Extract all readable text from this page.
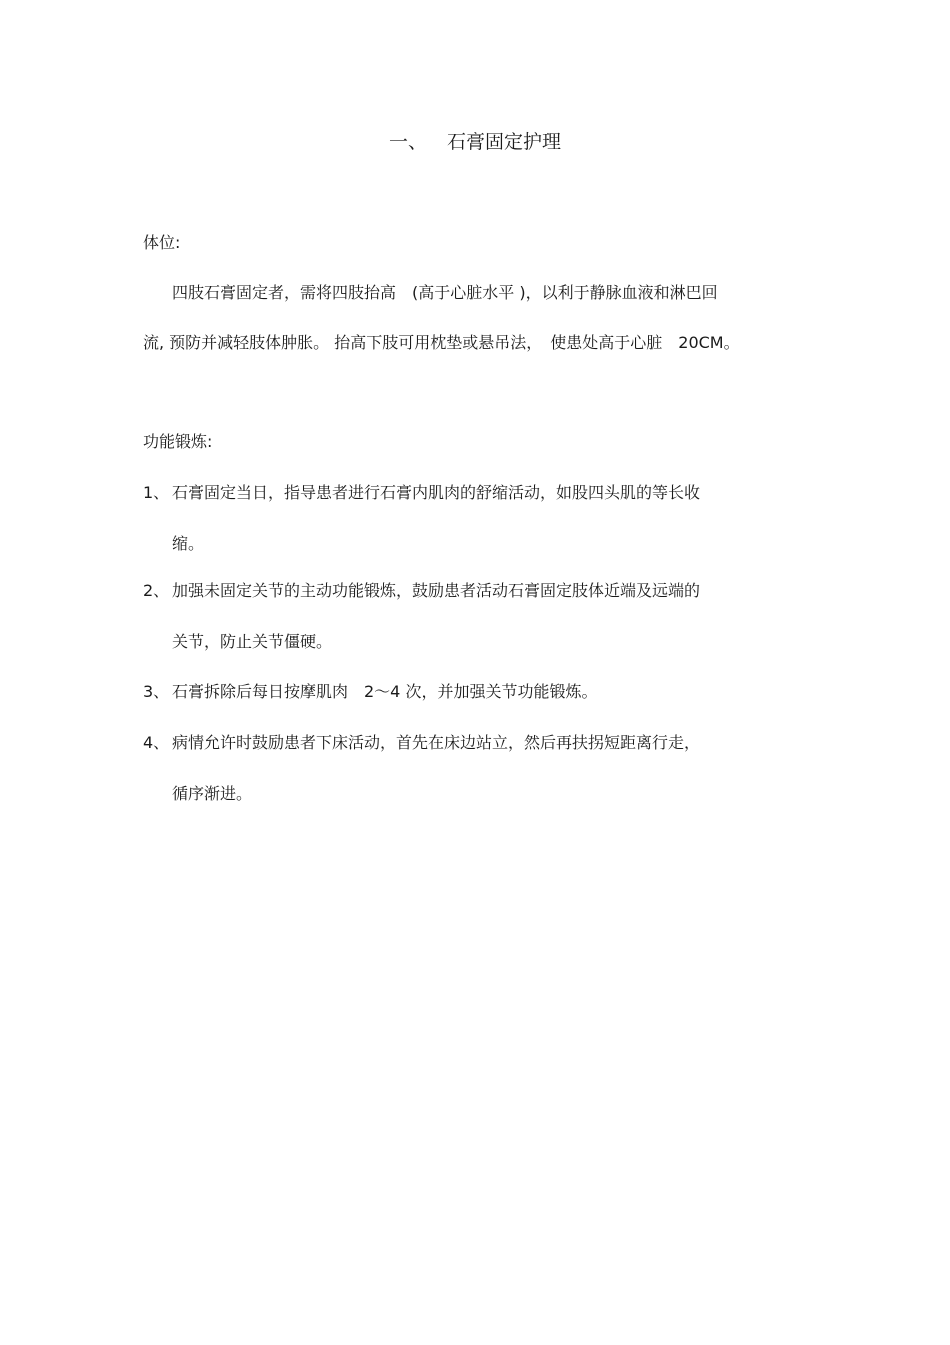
一、 石膏固定护理
体位:
四肢石膏固定者，需将四肢抬高　(高于心脏水平 )，以利于静脉血液和淋巴回
流, 预防并减轻肢体肿胀。 抬高下肢可用枕垫或悬吊法，　使患处高于心脏　20CM。
功能锻炼:
1、 石膏固定当日，指导患者进行石膏内肌肉的舒缩活动，如股四头肌的等长收
缩。
2、 加强未固定关节的主动功能锻炼，鼓励患者活动石膏固定肢体近端及远端的
关节，防止关节僵硬。
3、 石膏拆除后每日按摩肌肉　2～4 次，并加强关节功能锻炼。
4、 病情允许时鼓励患者下床活动，首先在床边站立，然后再扶拐短距离行走，
循序渐进。
